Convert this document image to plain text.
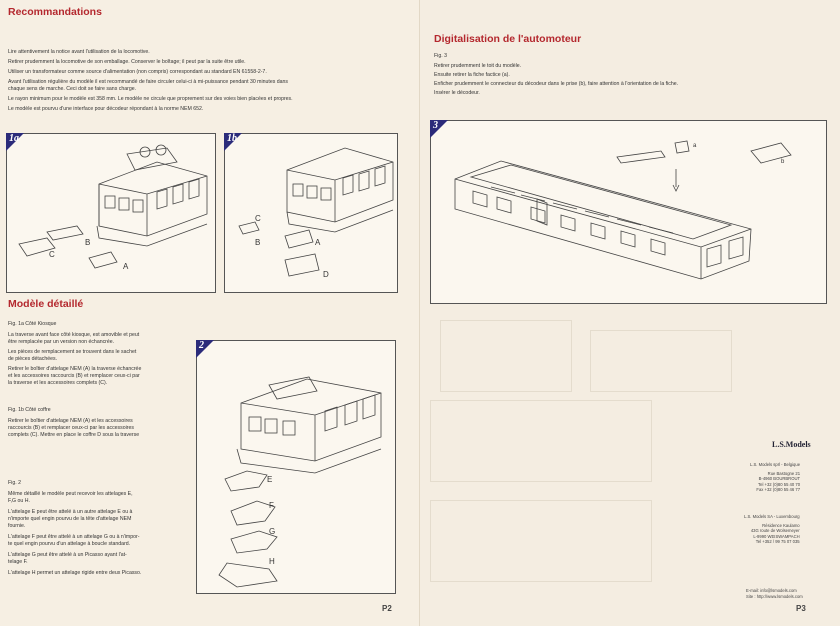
Recommandations
Lire attentivement la notice avant l'utilisation de la locomotive.
Retirer prudemment la locomotive de son emballage. Conserver le boîtage; il peut par la suite être utile.
Utiliser un transformateur comme source d'alimentation (non compris) correspondant au standard EN 61558-2-7.
Avant l'utilisation régulière du modèle il est recommandé de faire circuler celui-ci à mi-puissance pendant 30 minutes dans
chaque sens de marche. Ceci doit se faire sans charge.
Le rayon minimum pour le modèle est 358 mm. Le modèle ne circule que proprement sur des voies bien placées et propres.
Le modèle est pourvu d'une interface pour décodeur répondant à la norme NEM 652.
1a
B
C
A
1b
C
B	A
D
Modèle détaillé
Fig. 1a Côté Kiosque
La traverse avant face côté kiosque, est amovible et peut
être remplacée par un version non échancrée.
Les pièces de remplacement se trouvent dans le sachet
de pièces détachées.
Retirer le boîtier d'attelage NEM (A) la traverse échancrée
et les accessoires raccourcis (B) et remplacer ceux-ci par
la traverse et les accessoires complets (C).
Fig. 1b Côté coffre
Retirer le boîtier d'attelage NEM (A) et les accessoires
raccourcis (B) et remplacer ceux-ci par les accessoires
complets (C). Mettre en place le coffre D sous la traverse
Fig. 2
Même détaillé le modèle peut recevoir les attelages E,
F,G ou H.
L'attelage E peut être attelé à un autre attelage E ou à
n'importe quel engin pourvu de la tête d'attelage NEM
fournie.
L'attelage F peut être attelé à un attelage G ou à n'impor-
te quel engin pourvu d'un attelage à boucle standard.
L'attelage G peut être attelé à un Picasso ayant l'at-
telage F.
L'attelage H permet un attelage rigide entre deux Picasso.
2
E
F
G
H
P2
Digitalisation de l'automoteur
Fig. 3
Retirer prudemment le toit du modèle.
Ensuite retirer la fiche factice (a).
Enficher prudemment le connecteur du décodeur dans le prise (b), faire attention à l'orientation de la fiche.
Insérer le décodeur.
3
a
b
L.S.Models
L.S. Models sprl - Belgique
Rue Bastogne 21
B-4960 BOURBROUT
Tel +32 (0)80 55 40 70
Fax +32 (0)80 55 46 77
L.S. Models SA - Luxembourg
Résidence Kaulamo
43G route de Wolsemeyer
L-9990 WEISWAMPACH
Tel +352 / 99 75 07 035
E-mail: info@lsmodels.com
Site : http://www.lsmodels.com
P3
